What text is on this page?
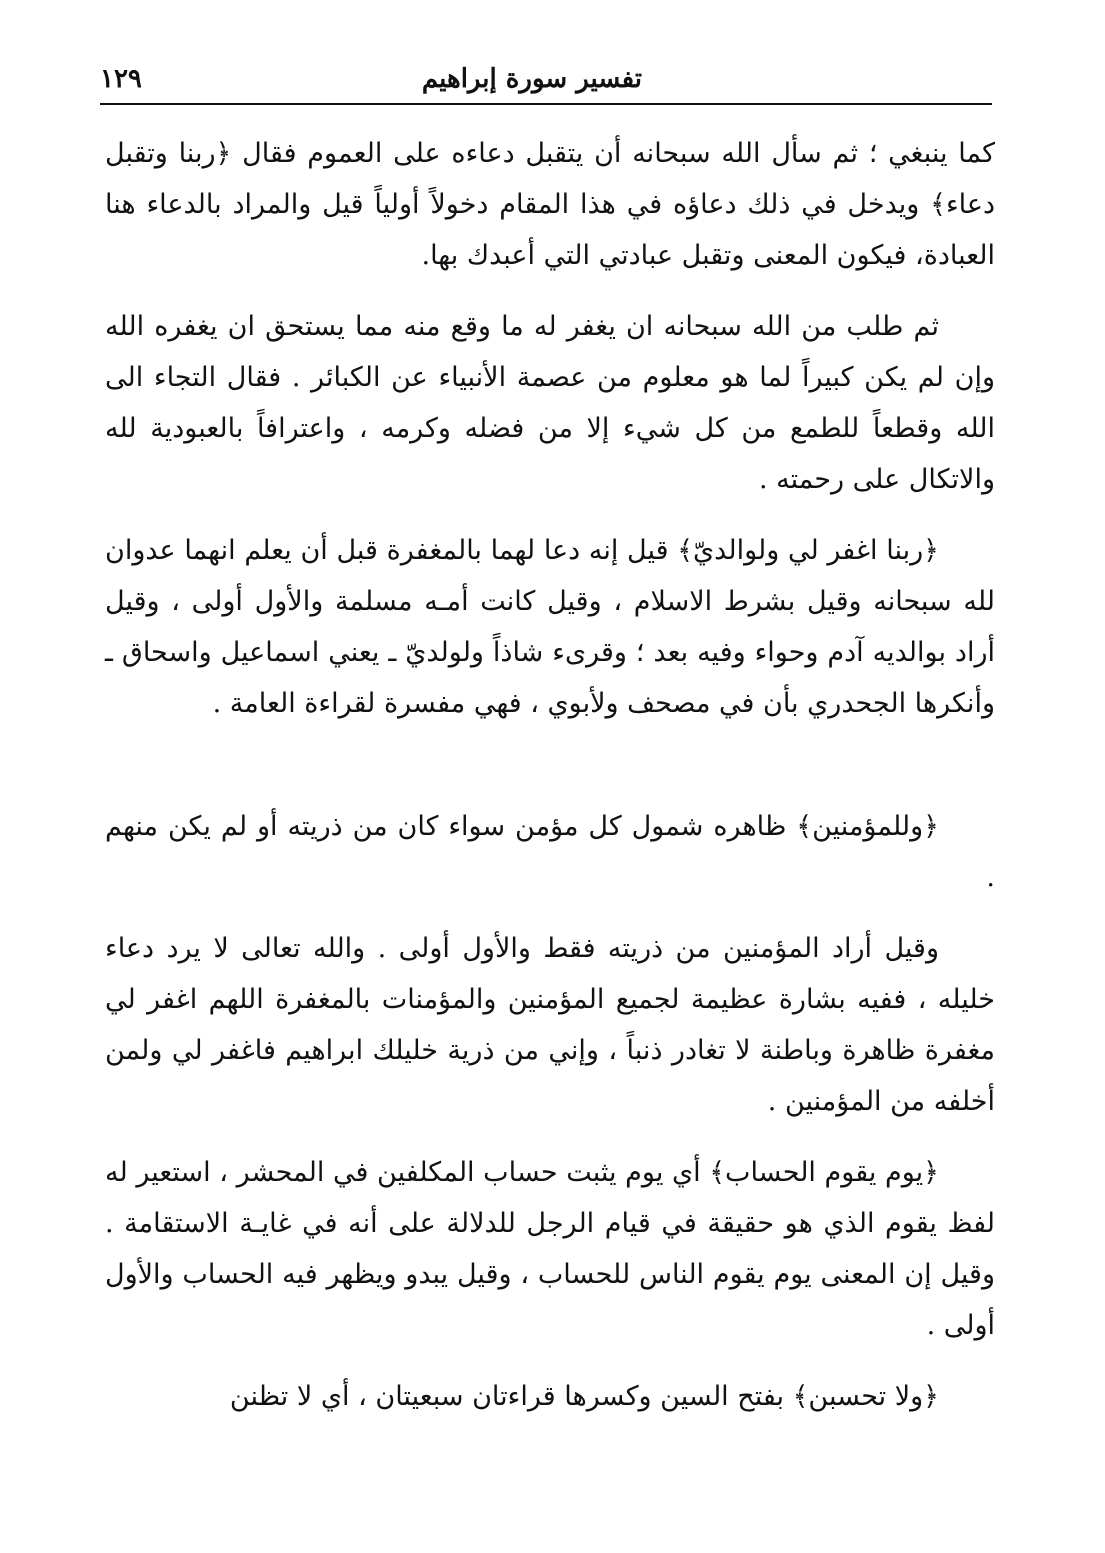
تفسير سورة إبراهيم
١٢٩

كما ينبغي ؛ ثم سأل الله سبحانه أن يتقبل دعاءه على العموم فقال ﴿ربنا وتقبل دعاء﴾ ويدخل في ذلك دعاؤه في هذا المقام دخولاً أولياً قيل والمراد بالدعاء هنا العبادة، فيكون المعنى وتقبل عبادتي التي أعبدك بها.

ثم طلب من الله سبحانه ان يغفر له ما وقع منه مما يستحق ان يغفره الله وإن لم يكن كبيراً لما هو معلوم من عصمة الأنبياء عن الكبائر . فقال التجاء الى الله وقطعاً للطمع من كل شيء إلا من فضله وكرمه ، واعترافاً بالعبودية لله والاتكال على رحمته .

﴿ربنا اغفر لي ولوالديّ﴾ قيل إنه دعا لهما بالمغفرة قبل أن يعلم انهما عدوان لله سبحانه وقيل بشرط الاسلام ، وقيل كانت أمـه مسلمة والأول أولى ، وقيل أراد بوالديه آدم وحواء وفيه بعد ؛ وقرىء شاذاً ولولديّ ـ يعني اسماعيل واسحاق ـ وأنكرها الجحدري بأن في مصحف ولأبوي ، فهي مفسرة لقراءة العامة .

﴿وللمؤمنين﴾ ظاهره شمول كل مؤمن سواء كان من ذريته أو لم يكن منهم .

وقيل أراد المؤمنين من ذريته فقط والأول أولى . والله تعالى لا يرد دعاء خليله ، ففيه بشارة عظيمة لجميع المؤمنين والمؤمنات بالمغفرة اللهم اغفر لي مغفرة ظاهرة وباطنة لا تغادر ذنباً ، وإني من ذرية خليلك ابراهيم فاغفر لي ولمن أخلفه من المؤمنين .

﴿يوم يقوم الحساب﴾ أي يوم يثبت حساب المكلفين في المحشر ، استعير له لفظ يقوم الذي هو حقيقة في قيام الرجل للدلالة على أنه في غايـة الاستقامة . وقيل إن المعنى يوم يقوم الناس للحساب ، وقيل يبدو ويظهر فيه الحساب والأول أولى .

﴿ولا تحسبن﴾ بفتح السين وكسرها قراءتان سبعيتان ، أي لا تظنن
